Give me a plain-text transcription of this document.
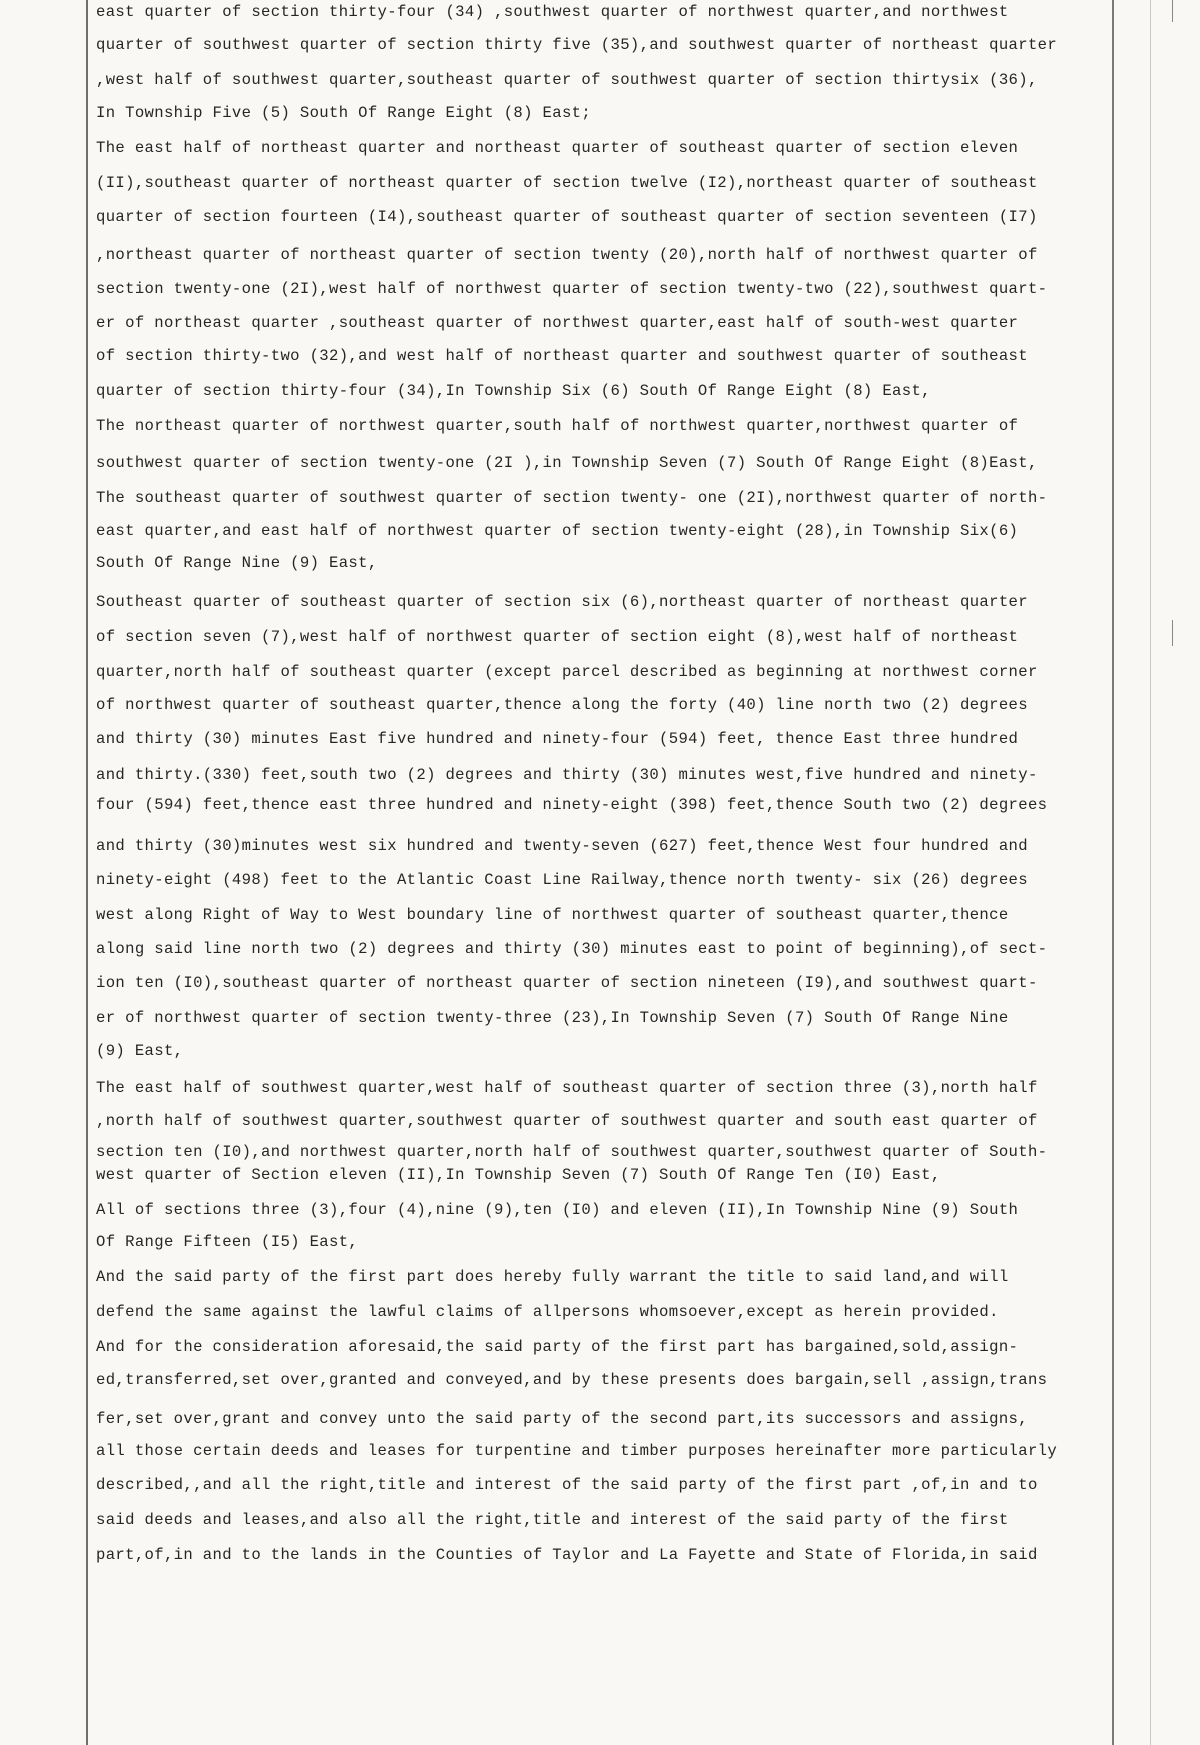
east quarter of section thirty-four (34) ,southwest quarter of northwest quarter,and northwest
quarter of southwest quarter of section thirty five (35),and southwest quarter of northeast quarter
,west half of southwest quarter,southeast quarter of southwest quarter of section thirtysix (36),
In Township Five (5) South Of Range Eight (8) East;
The east half of northeast quarter and northeast quarter of southeast quarter of section eleven
(II),southeast quarter of northeast quarter of section twelve (I2),northeast quarter of southeast
quarter of section fourteen (I4),southeast quarter of southeast quarter of section seventeen (I7)
,northeast quarter of northeast quarter of section twenty (20),north half of northwest quarter of
section twenty-one (2I),west half of northwest quarter of section twenty-two (22),southwest quart-
er of northeast quarter ,southeast quarter of northwest quarter,east half of south-west quarter
of section thirty-two (32),and west half of northeast quarter and southwest quarter of southeast
quarter of section thirty-four (34),In Township Six (6) South Of Range Eight (8) East,
The northeast quarter of northwest quarter,south half of northwest quarter,northwest quarter of
southwest quarter of section twenty-one (2I ),in Township Seven (7) South Of Range Eight (8)East,
The southeast quarter of southwest quarter of section twenty- one (2I),northwest quarter of north-
east quarter,and east half of northwest quarter of section twenty-eight (28),in Township Six(6)
South Of Range Nine (9) East,
Southeast quarter of southeast quarter of section six (6),northeast quarter of northeast quarter
of section seven (7),west half of northwest quarter of section eight (8),west half of northeast
quarter,north half of southeast quarter (except parcel described as beginning at northwest corner
of northwest quarter of southeast quarter,thence along the forty (40) line north two (2) degrees
and thirty (30) minutes East five hundred and ninety-four (594) feet, thence East three hundred
and thirty.(330) feet,south two (2) degrees and thirty (30) minutes west,five hundred and ninety-
four (594) feet,thence east three hundred and ninety-eight (398) feet,thence South two (2) degrees
and thirty (30)minutes west six hundred and twenty-seven (627) feet,thence West four hundred and
ninety-eight (498) feet to the Atlantic Coast Line Railway,thence north twenty- six (26) degrees
west along Right of Way to West boundary line of northwest quarter of southeast quarter,thence
along said line north two (2) degrees and thirty (30) minutes east to point of beginning),of sect-
ion ten (I0),southeast quarter of northeast quarter of section nineteen (I9),and southwest quart-
er of northwest quarter of section twenty-three (23),In Township Seven (7) South Of Range Nine
(9) East,
The east half of southwest quarter,west half of southeast quarter of section three (3),north half
,north half of southwest quarter,southwest quarter of southwest quarter and south east quarter of
section ten (I0),and northwest quarter,north half of southwest quarter,southwest quarter of South-
west quarter of Section eleven (II),In Township Seven (7) South Of Range Ten (I0) East,
All of sections three (3),four (4),nine (9),ten (I0) and eleven (II),In Township Nine (9) South
Of Range Fifteen (I5) East,
And the said party of the first part does hereby fully warrant the title to said land,and will
defend the same against the lawful claims of allpersons whomsoever,except as herein provided.
And for the consideration aforesaid,the said party of the first part has bargained,sold,assign-
ed,transferred,set over,granted and conveyed,and by these presents does bargain,sell ,assign,trans
fer,set over,grant and convey unto the said party of the second part,its successors and assigns,
all those certain deeds and leases for turpentine and timber purposes hereinafter more particularly
described,,and all the right,title and interest of the said party of the first part ,of,in and to
said deeds and leases,and also all the right,title and interest of the said party of the first
part,of,in and to the lands in the Counties of Taylor and La Fayette and State of Florida,in said
